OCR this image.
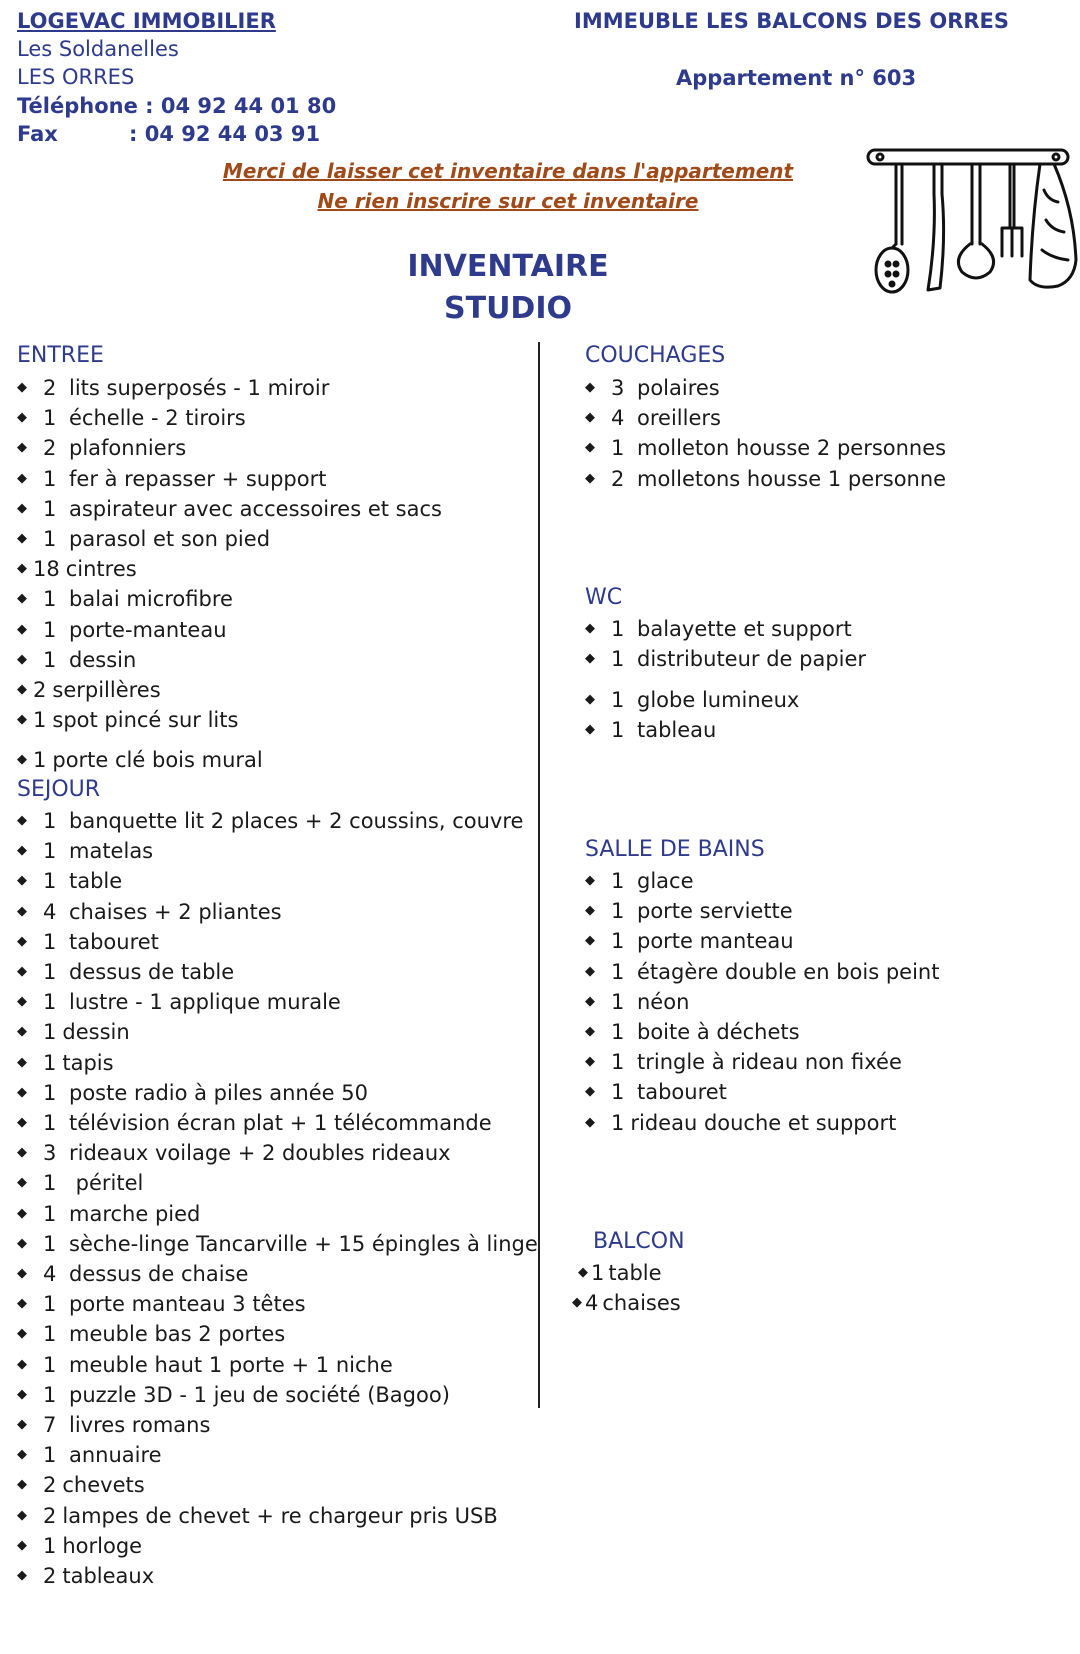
LOGEVAC IMMOBILIER
Les Soldanelles
LES ORRES
Téléphone : 04 92 44 01 80
Fax	: 04 92 44 03 91
IMMEUBLE LES BALCONS DES ORRES
Appartement n° 603
Merci de laisser cet inventaire dans l'appartement
Ne rien inscrire sur cet inventaire
INVENTAIRE
STUDIO
ENTREE
◆ 2 lits superposés - 1 miroir
◆ 1 échelle - 2 tiroirs
◆ 2 plafonniers
◆ 1 fer à repasser + support
◆ 1 aspirateur avec accessoires et sacs
◆ 1 parasol et son pied
◆ 18 cintres
◆ 1 balai microfibre
◆ 1 porte-manteau
◆ 1 dessin
◆ 2 serpillères
◆ 1 spot pincé sur lits
◆ 1 porte clé bois mural
SEJOUR
◆ 1 banquette lit 2 places + 2 coussins, couvre
◆ 1 matelas
◆ 1 table
◆ 4 chaises + 2 pliantes
◆ 1 tabouret
◆ 1 dessus de table
◆ 1 lustre - 1 applique murale
◆ 1 dessin
◆ 1 tapis
◆ 1 poste radio à piles année 50
◆ 1 télévision écran plat + 1 télécommande
◆ 3 rideaux voilage + 2 doubles rideaux
◆ 1 péritel
◆ 1 marche pied
◆ 1 sèche-linge Tancarville + 15 épingles à linge
◆ 4 dessus de chaise
◆ 1 porte manteau 3 têtes
◆ 1 meuble bas 2 portes
◆ 1 meuble haut 1 porte + 1 niche
◆ 1 puzzle 3D - 1 jeu de société (Bagoo)
◆ 7 livres romans
◆ 1 annuaire
◆ 2 chevets
◆ 2 lampes de chevet + re chargeur pris USB
◆ 1 horloge
◆ 2 tableaux
COUCHAGES
◆ 3 polaires
◆ 4 oreillers
◆ 1 molleton housse 2 personnes
◆ 2 molletons housse 1 personne
WC
◆ 1 balayette et support
◆ 1 distributeur de papier
◆ 1 globe lumineux
◆ 1 tableau
SALLE DE BAINS
◆ 1 glace
◆ 1 porte serviette
◆ 1 porte manteau
◆ 1 étagère double en bois peint
◆ 1 néon
◆ 1 boite à déchets
◆ 1 tringle à rideau non fixée
◆ 1 tabouret
◆ 1 rideau douche et support
BALCON
◆ 1 table
◆ 4 chaises
